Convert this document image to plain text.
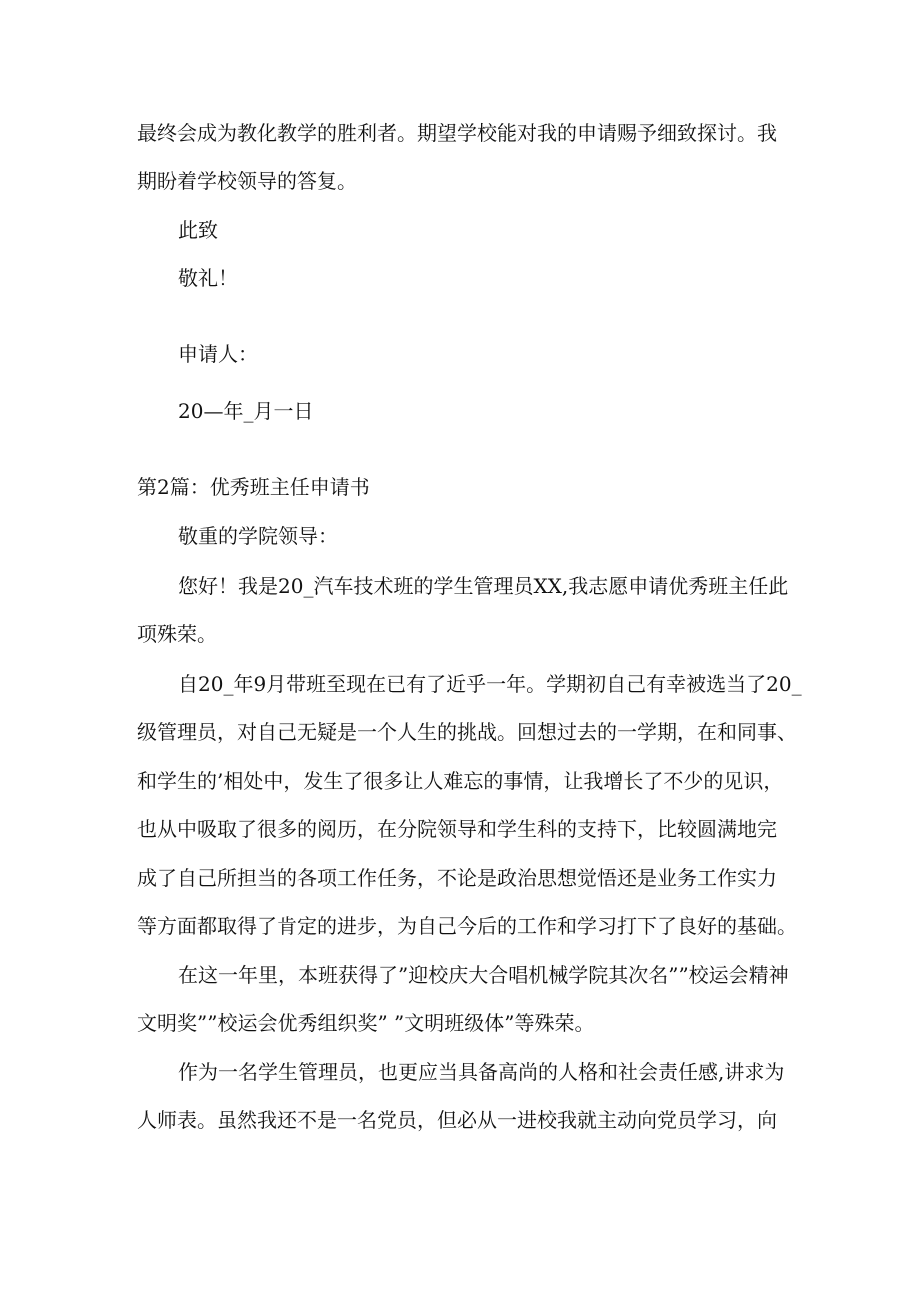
最终会成为教化教学的胜利者。期望学校能对我的申请赐予细致探讨。我

期盼着学校领导的答复。

此致

敬礼！

申请人：

20—年_月一日

第2篇：优秀班主任申请书

敬重的学院领导：

您好！我是20_汽车技术班的学生管理员XX,我志愿申请优秀班主任此

项殊荣。

自20_年9月带班至现在已有了近乎一年。学期初自己有幸被选当了20_

级管理员，对自己无疑是一个人生的挑战。回想过去的一学期，在和同事、

和学生的’相处中，发生了很多让人难忘的事情，让我增长了不少的见识，

也从中吸取了很多的阅历，在分院领导和学生科的支持下，比较圆满地完

成了自己所担当的各项工作任务，不论是政治思想觉悟还是业务工作实力

等方面都取得了肯定的进步，为自己今后的工作和学习打下了良好的基础。

在这一年里，本班获得了”迎校庆大合唱机械学院其次名””校运会精神

文明奖””校运会优秀组织奖” ”文明班级体”等殊荣。

作为一名学生管理员，也更应当具备高尚的人格和社会责任感,讲求为

人师表。虽然我还不是一名党员，但必从一进校我就主动向党员学习，向
